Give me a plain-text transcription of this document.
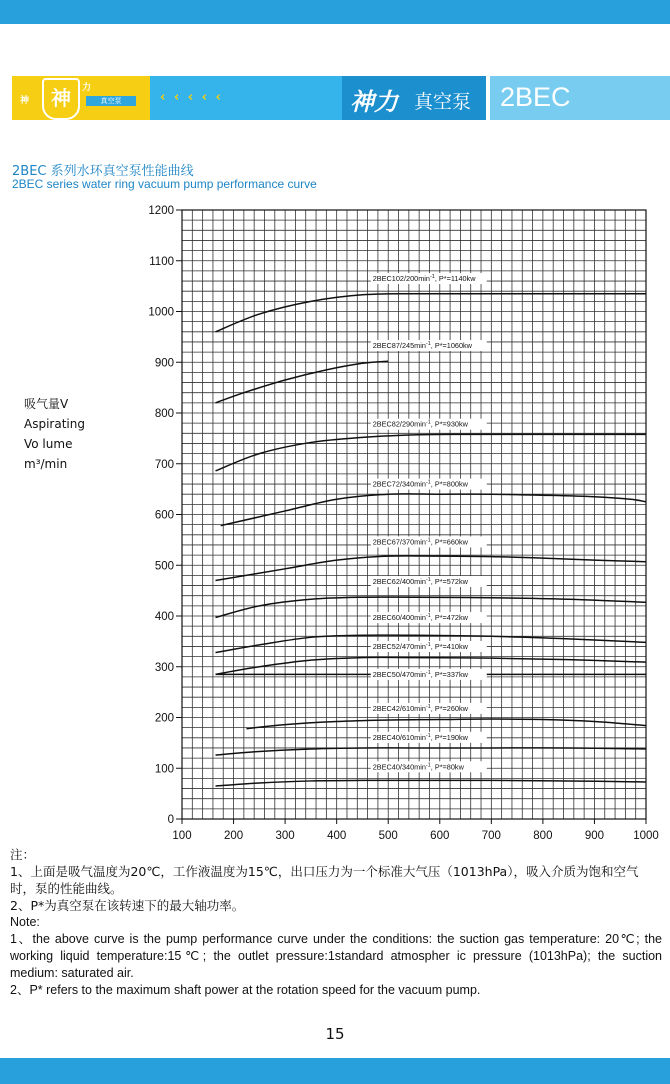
神	神	力
真空泵	‹ ‹ ‹ ‹ ‹	神力 真空泵 2BEC
2BEC 系列水环真空泵性能曲线
2BEC series water ring vacuum pump performance curve
吸气量V
Aspirating
Vo lume
m³/min
0
100
200
300
400
500
600
700
800
900
1000
1100
1200
100	200	300	400	500	600	700	800	900	1000
$2BEC102/200\min^{-1}$, P*=1140kw
$2BEC87/245\min^{-1}$, P*=1060kw
$2BEC82/290\min^{-1}$, P*=930kw
$2BEC72/340\min^{-1}$, P*=800kw
$2BEC67/370\min^{-1}$, P*=660kw
$2BEC62/400\min^{-1}$, P*=572kw
$2BEC60/400\min^{-1}$, P*=472kw
$2BEC52/470\min^{-1}$, P*=410kw
$2BEC50/470\min^{-1}$, P*=337kw
$2BEC42/610\min^{-1}$, P*=260kw
$2BEC40/610\min^{-1}$, P*=190kw
$2BEC40/340\min^{-1}$, P*=80kw

注：

1、上面是吸气温度为20℃，工作液温度为15℃，出口压力为一个标准大气压（1013hPa），吸入介质为饱和空气时，泵的性能曲线。

2、P*为真空泵在该转速下的最大轴功率。

Note:

1、the above curve is the pump performance curve under the conditions: the suction gas temperature: 20℃; the working liquid temperature:15℃; the outlet pressure:1standard atmospher ic pressure (1013hPa); the suction medium: saturated air.

2、P* refers to the maximum shaft power at the rotation speed for the vacuum pump.

15
